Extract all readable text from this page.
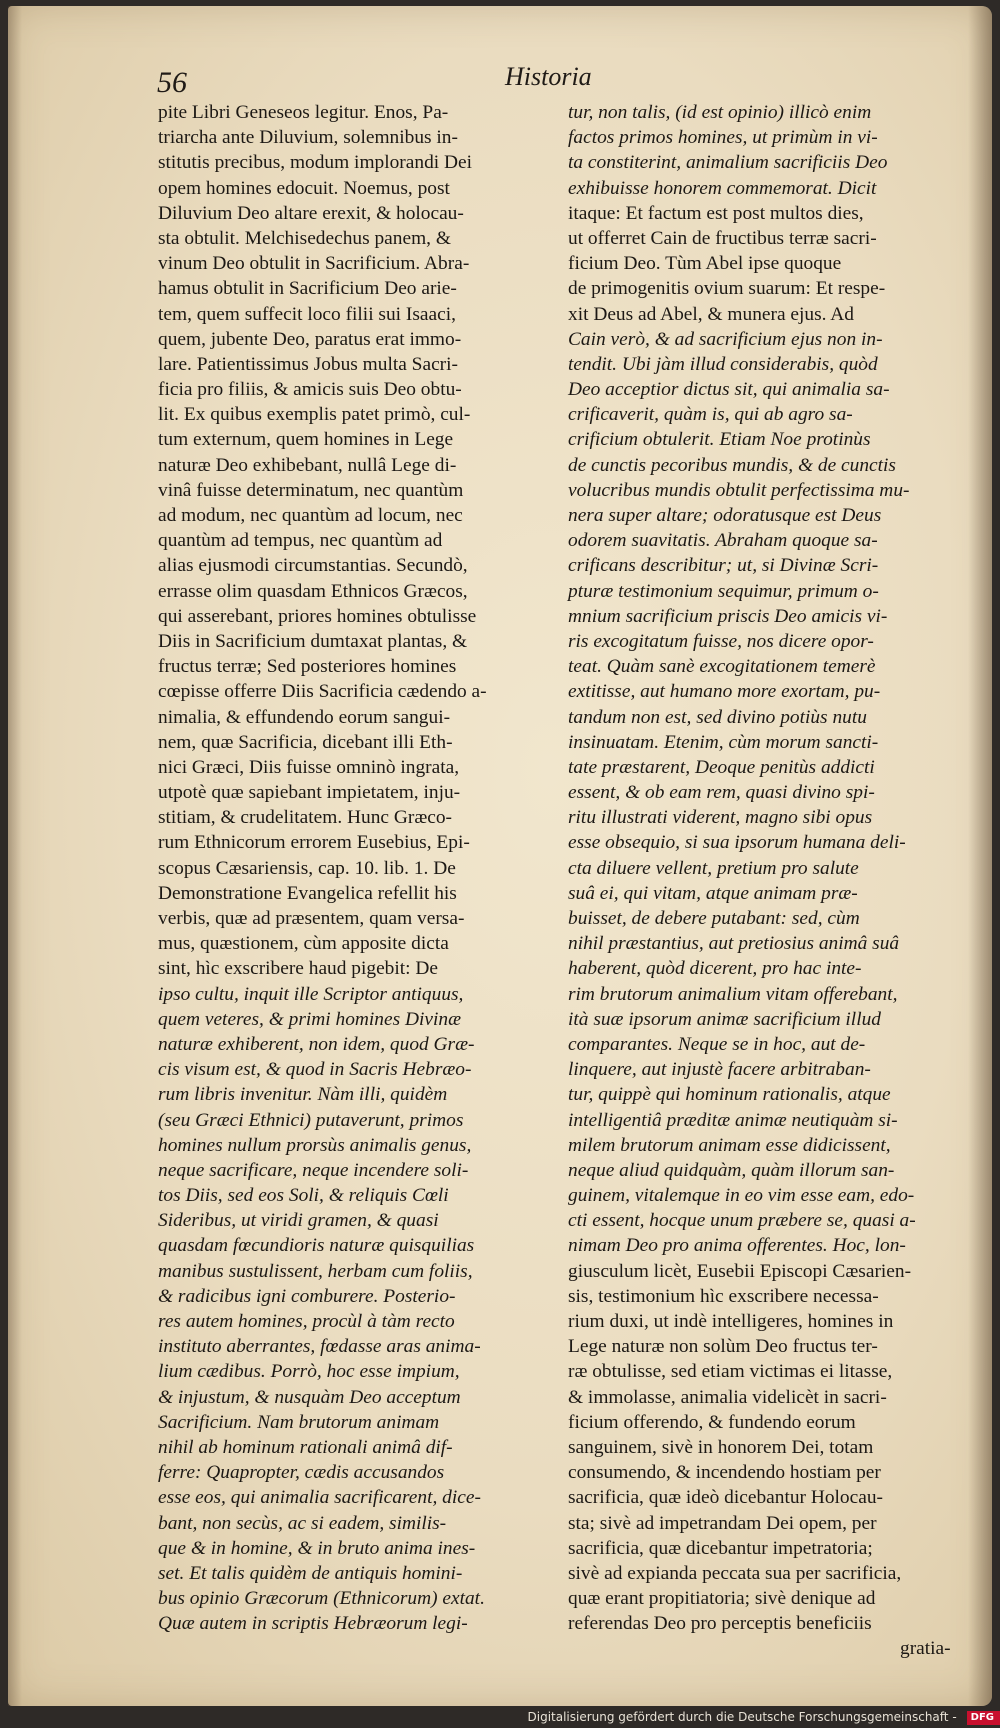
56	Historia
pite Libri Geneseos legitur. Enos, Pa-
triarcha ante Diluvium, solemnibus in-
stitutis precibus, modum implorandi Dei
opem homines edocuit. Noemus, post
Diluvium Deo altare erexit, & holocau-
sta obtulit. Melchisedechus panem, &
vinum Deo obtulit in Sacrificium. Abra-
hamus obtulit in Sacrificium Deo arie-
tem, quem suffecit loco filii sui Isaaci,
quem, jubente Deo, paratus erat immo-
lare. Patientissimus Jobus multa Sacri-
ficia pro filiis, & amicis suis Deo obtu-
lit. Ex quibus exemplis patet primò, cul-
tum externum, quem homines in Lege
naturæ Deo exhibebant, nullâ Lege di-
vinâ fuisse determinatum, nec quantùm
ad modum, nec quantùm ad locum, nec
quantùm ad tempus, nec quantùm ad
alias ejusmodi circumstantias. Secundò,
errasse olim quasdam Ethnicos Græcos,
qui asserebant, priores homines obtulisse
Diis in Sacrificium dumtaxat plantas, &
fructus terræ; Sed posteriores homines
cœpisse offerre Diis Sacrificia cædendo a-
nimalia, & effundendo eorum sangui-
nem, quæ Sacrificia, dicebant illi Eth-
nici Græci, Diis fuisse omninò ingrata,
utpotè quæ sapiebant impietatem, inju-
stitiam, & crudelitatem. Hunc Græco-
rum Ethnicorum errorem Eusebius, Epi-
scopus Cæsariensis, cap. 10. lib. 1. De
Demonstratione Evangelica refellit his
verbis, quæ ad præsentem, quam versa-
mus, quæstionem, cùm apposite dicta
sint, hìc exscribere haud pigebit: De
ipso cultu, inquit ille Scriptor antiquus,
quem veteres, & primi homines Divinæ
naturæ exhiberent, non idem, quod Græ-
cis visum est, & quod in Sacris Hebræo-
rum libris invenitur. Nàm illi, quidèm
(seu Græci Ethnici) putaverunt, primos
homines nullum prorsùs animalis genus,
neque sacrificare, neque incendere soli-
tos Diis, sed eos Soli, & reliquis Cœli
Sideribus, ut viridi gramen, & quasi
quasdam fœcundioris naturæ quisquilias
manibus sustulissent, herbam cum foliis,
& radicibus igni comburere. Posterio-
res autem homines, procùl à tàm recto
instituto aberrantes, fœdasse aras anima-
lium cædibus. Porrò, hoc esse impium,
& injustum, & nusquàm Deo acceptum
Sacrificium. Nam brutorum animam
nihil ab hominum rationali animâ dif-
ferre: Quapropter, cædis accusandos
esse eos, qui animalia sacrificarent, dice-
bant, non secùs, ac si eadem, similis-
que & in homine, & in bruto anima ines-
set. Et talis quidèm de antiquis homini-
bus opinio Græcorum (Ethnicorum) extat.
Quæ autem in scriptis Hebræorum legi-
tur, non talis, (id est opinio) illicò enim
factos primos homines, ut primùm in vi-
ta constiterint, animalium sacrificiis Deo
exhibuisse honorem commemorat. Dicit
itaque: Et factum est post multos dies,
ut offerret Cain de fructibus terræ sacri-
ficium Deo. Tùm Abel ipse quoque
de primogenitis ovium suarum: Et respe-
xit Deus ad Abel, & munera ejus. Ad
Cain verò, & ad sacrificium ejus non in-
tendit. Ubi jàm illud considerabis, quòd
Deo acceptior dictus sit, qui animalia sa-
crificaverit, quàm is, qui ab agro sa-
crificium obtulerit. Etiam Noe protinùs
de cunctis pecoribus mundis, & de cunctis
volucribus mundis obtulit perfectissima mu-
nera super altare; odoratusque est Deus
odorem suavitatis. Abraham quoque sa-
crificans describitur; ut, si Divinæ Scri-
pturæ testimonium sequimur, primum o-
mnium sacrificium priscis Deo amicis vi-
ris excogitatum fuisse, nos dicere opor-
teat. Quàm sanè excogitationem temerè
extitisse, aut humano more exortam, pu-
tandum non est, sed divino potiùs nutu
insinuatam. Etenim, cùm morum sancti-
tate præstarent, Deoque penitùs addicti
essent, & ob eam rem, quasi divino spi-
ritu illustrati viderent, magno sibi opus
esse obsequio, si sua ipsorum humana deli-
cta diluere vellent, pretium pro salute
suâ ei, qui vitam, atque animam præ-
buisset, de debere putabant: sed, cùm
nihil præstantius, aut pretiosius animâ suâ
haberent, quòd dicerent, pro hac inte-
rim brutorum animalium vitam offerebant,
ità suæ ipsorum animæ sacrificium illud
comparantes. Neque se in hoc, aut de-
linquere, aut injustè facere arbitraban-
tur, quippè qui hominum rationalis, atque
intelligentiâ præditæ animæ neutiquàm si-
milem brutorum animam esse didicissent,
neque aliud quidquàm, quàm illorum san-
guinem, vitalemque in eo vim esse eam, edo-
cti essent, hocque unum præbere se, quasi a-
nimam Deo pro anima offerentes. Hoc, lon-
giusculum licèt, Eusebii Episcopi Cæsarien-
sis, testimonium hìc exscribere necessa-
rium duxi, ut indè intelligeres, homines in
Lege naturæ non solùm Deo fructus ter-
ræ obtulisse, sed etiam victimas ei litasse,
& immolasse, animalia videlicèt in sacri-
ficium offerendo, & fundendo eorum
sanguinem, sivè in honorem Dei, totam
consumendo, & incendendo hostiam per
sacrificia, quæ ideò dicebantur Holocau-
sta; sivè ad impetrandam Dei opem, per
sacrificia, quæ dicebantur impetratoria;
sivè ad expianda peccata sua per sacrificia,
quæ erant propitiatoria; sivè denique ad
referendas Deo pro perceptis beneficiis
gratia-
Digitalisierung gefördert durch die Deutsche Forschungsgemeinschaft - DFG
